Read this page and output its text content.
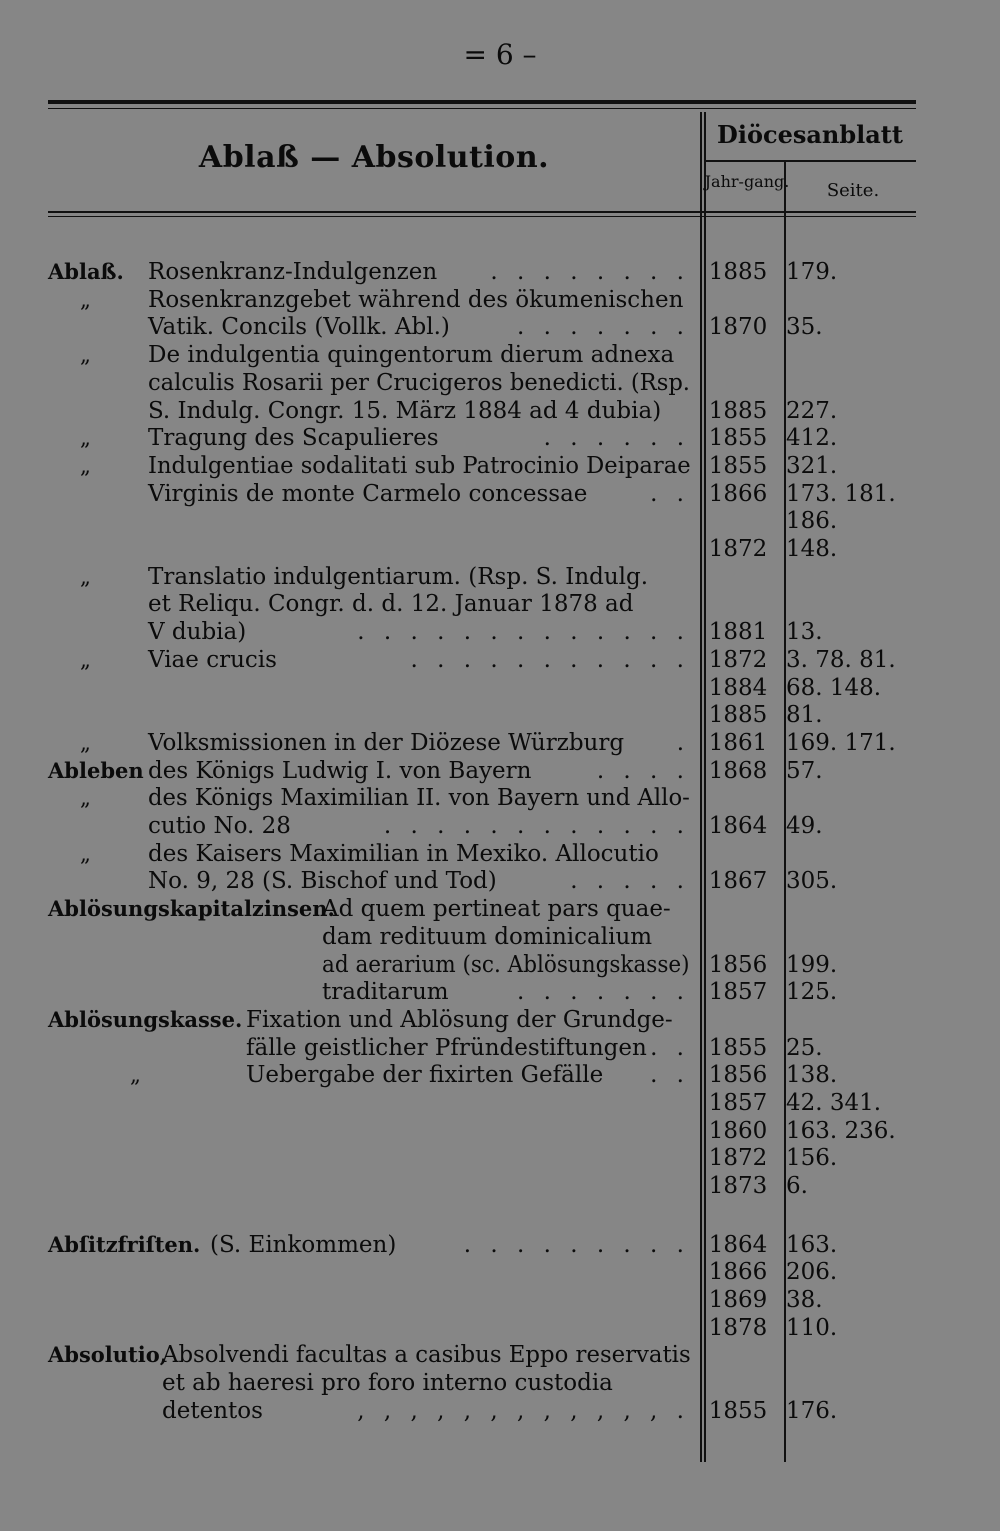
= 6 –
Ablaß — Absolution.
Diöcesanblatt
Jahr-gang.	Seite.
Ablaß. Rosenkranz-Indulgenzen . . . . . . . . 1885 179.
„ Rosenkranzgebet während des ökumenischen
Vatik. Concils (Vollk. Abl.)	. . . . . . . 1870 35.
„ De indulgentia quingentorum dierum adnexa
calculis Rosarii per Crucigeros benedicti. (Rsp.
S. Indulg. Congr. 15. März 1884 ad 4 dubia) 1885 227.
„ Tragung des Scapulieres	. . . . . . 1855 412.
„ Indulgentiae sodalitati sub Patrocinio Deiparae 1855 321.
Virginis de monte Carmelo concessae	. . 1866 173. 181.
186.
1872 148.
„ Translatio indulgentiarum. (Rsp. S. Indulg.
et Reliqu. Congr. d. d. 12. Januar 1878 ad
V dubia)	. . . . . . . . . . . . . 1881 13.
„ Viae crucis	. . . . . . . . . . . 1872 3. 78. 81.
1884 68. 148.
1885 81.
„ Volksmissionen in der Diözese Würzburg . 1861 169. 171.
Ableben des Königs Ludwig I. von Bayern	. . . . 1868 57.
„ des Königs Maximilian II. von Bayern und Allo-
cutio No. 28	. . . . . . . . . . . . 1864 49.
„ des Kaisers Maximilian in Mexiko. Allocutio
No. 9, 28 (S. Bischof und Tod)	. . . . . 1867 305.
Ablösungskapitalzinsen.
Ad quem pertineat pars quae-
dam redituum dominicalium
ad aerarium (sc. Ablösungskasse) 1856 199.
traditarum	. . . . . . . 1857 125.
Ablösungskasse. Fixation und Ablösung der Grundge-
fälle geistlicher Pfründestiftungen . . 1855 25.
„	Uebergabe der fixirten Gefälle . . 1856 138.
1857 42. 341.
1860 163. 236.
1872 156.
1873 6.
Abſitzfriſten. (S. Einkommen)	. . . . . . . . . 1864 163.
1866 206.
1869 38.
1878 110.
Absolutio,
Absolvendi facultas a casibus Eppo reservatis
et ab haeresi pro foro interno custodia
detentos	, , , , , , , , , , , , . 1855 176.
